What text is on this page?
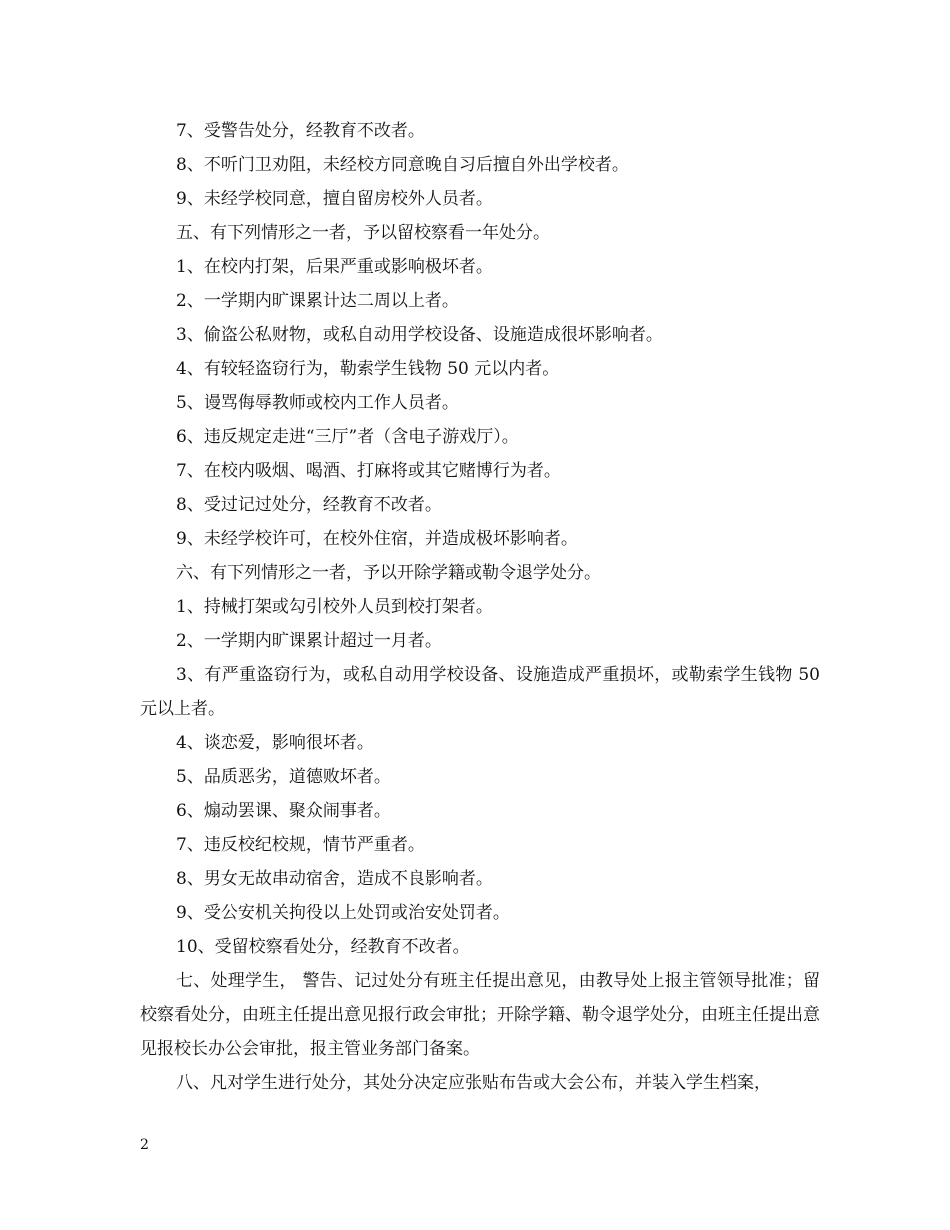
7、受警告处分，经教育不改者。

8、不听门卫劝阻，未经校方同意晚自习后擅自外出学校者。

9、未经学校同意，擅自留房校外人员者。

五、有下列情形之一者，予以留校察看一年处分。

1、在校内打架，后果严重或影响极坏者。

2、一学期内旷课累计达二周以上者。

3、偷盗公私财物，或私自动用学校设备、设施造成很坏影响者。

4、有较轻盗窃行为，勒索学生钱物 50 元以内者。

5、谩骂侮辱教师或校内工作人员者。

6、违反规定走进“三厅”者（含电子游戏厅）。

7、在校内吸烟、喝酒、打麻将或其它赌博行为者。

8、受过记过处分，经教育不改者。

9、未经学校许可，在校外住宿，并造成极坏影响者。

六、有下列情形之一者，予以开除学籍或勒令退学处分。

1、持械打架或勾引校外人员到校打架者。

2、一学期内旷课累计超过一月者。

3、有严重盗窃行为，或私自动用学校设备、设施造成严重损坏，或勒索学生钱物 50 元以上者。

4、谈恋爱，影响很坏者。

5、品质恶劣，道德败坏者。

6、煽动罢课、聚众闹事者。

7、违反校纪校规，情节严重者。

8、男女无故串动宿舍，造成不良影响者。

9、受公安机关拘役以上处罚或治安处罚者。

10、受留校察看处分，经教育不改者。

七、处理学生， 警告、记过处分有班主任提出意见，由教导处上报主管领导批准；留校察看处分，由班主任提出意见报行政会审批；开除学籍、勒令退学处分，由班主任提出意见报校长办公会审批，报主管业务部门备案。

八、凡对学生进行处分，其处分决定应张贴布告或大会公布，并装入学生档案，

2
